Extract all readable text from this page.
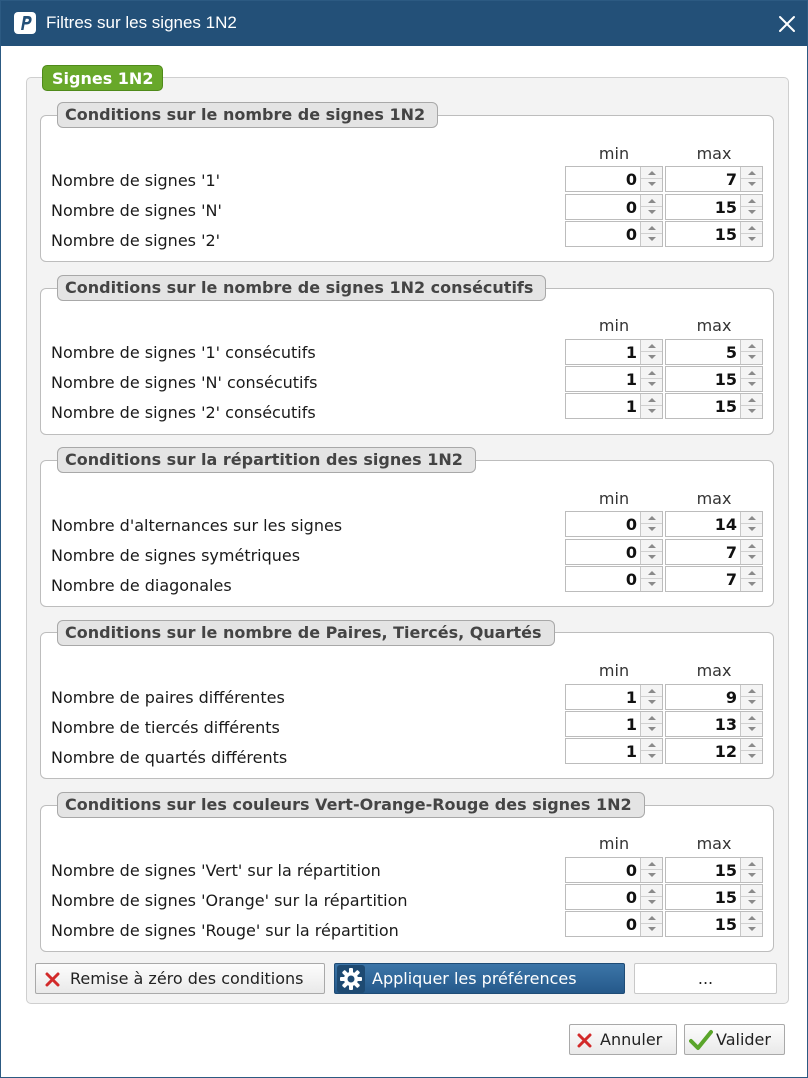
Filtres sur les signes 1N2
Signes 1N2
Conditions sur le nombre de signes 1N2
min	max
Nombre de signes '1'	0	7
Nombre de signes 'N'	0	15
Nombre de signes '2'	0	15
Conditions sur le nombre de signes 1N2 consécutifs
min	max
Nombre de signes '1' consécutifs	1	5
Nombre de signes 'N' consécutifs	1	15
Nombre de signes '2' consécutifs	1	15
Conditions sur la répartition des signes 1N2
min	max
Nombre d'alternances sur les signes	0	14
Nombre de signes symétriques	0	7
Nombre de diagonales	0	7
Conditions sur le nombre de Paires, Tiercés, Quartés
min	max
Nombre de paires différentes	1	9
Nombre de tiercés différents	1	13
Nombre de quartés différents	1	12
Conditions sur les couleurs Vert-Orange-Rouge des signes 1N2
min	max
Nombre de signes 'Vert' sur la répartition	0	15
Nombre de signes 'Orange' sur la répartition	0	15
Nombre de signes 'Rouge' sur la répartition	0	15
Remise à zéro des conditions	Appliquer les préférences	...
Annuler	Valider
